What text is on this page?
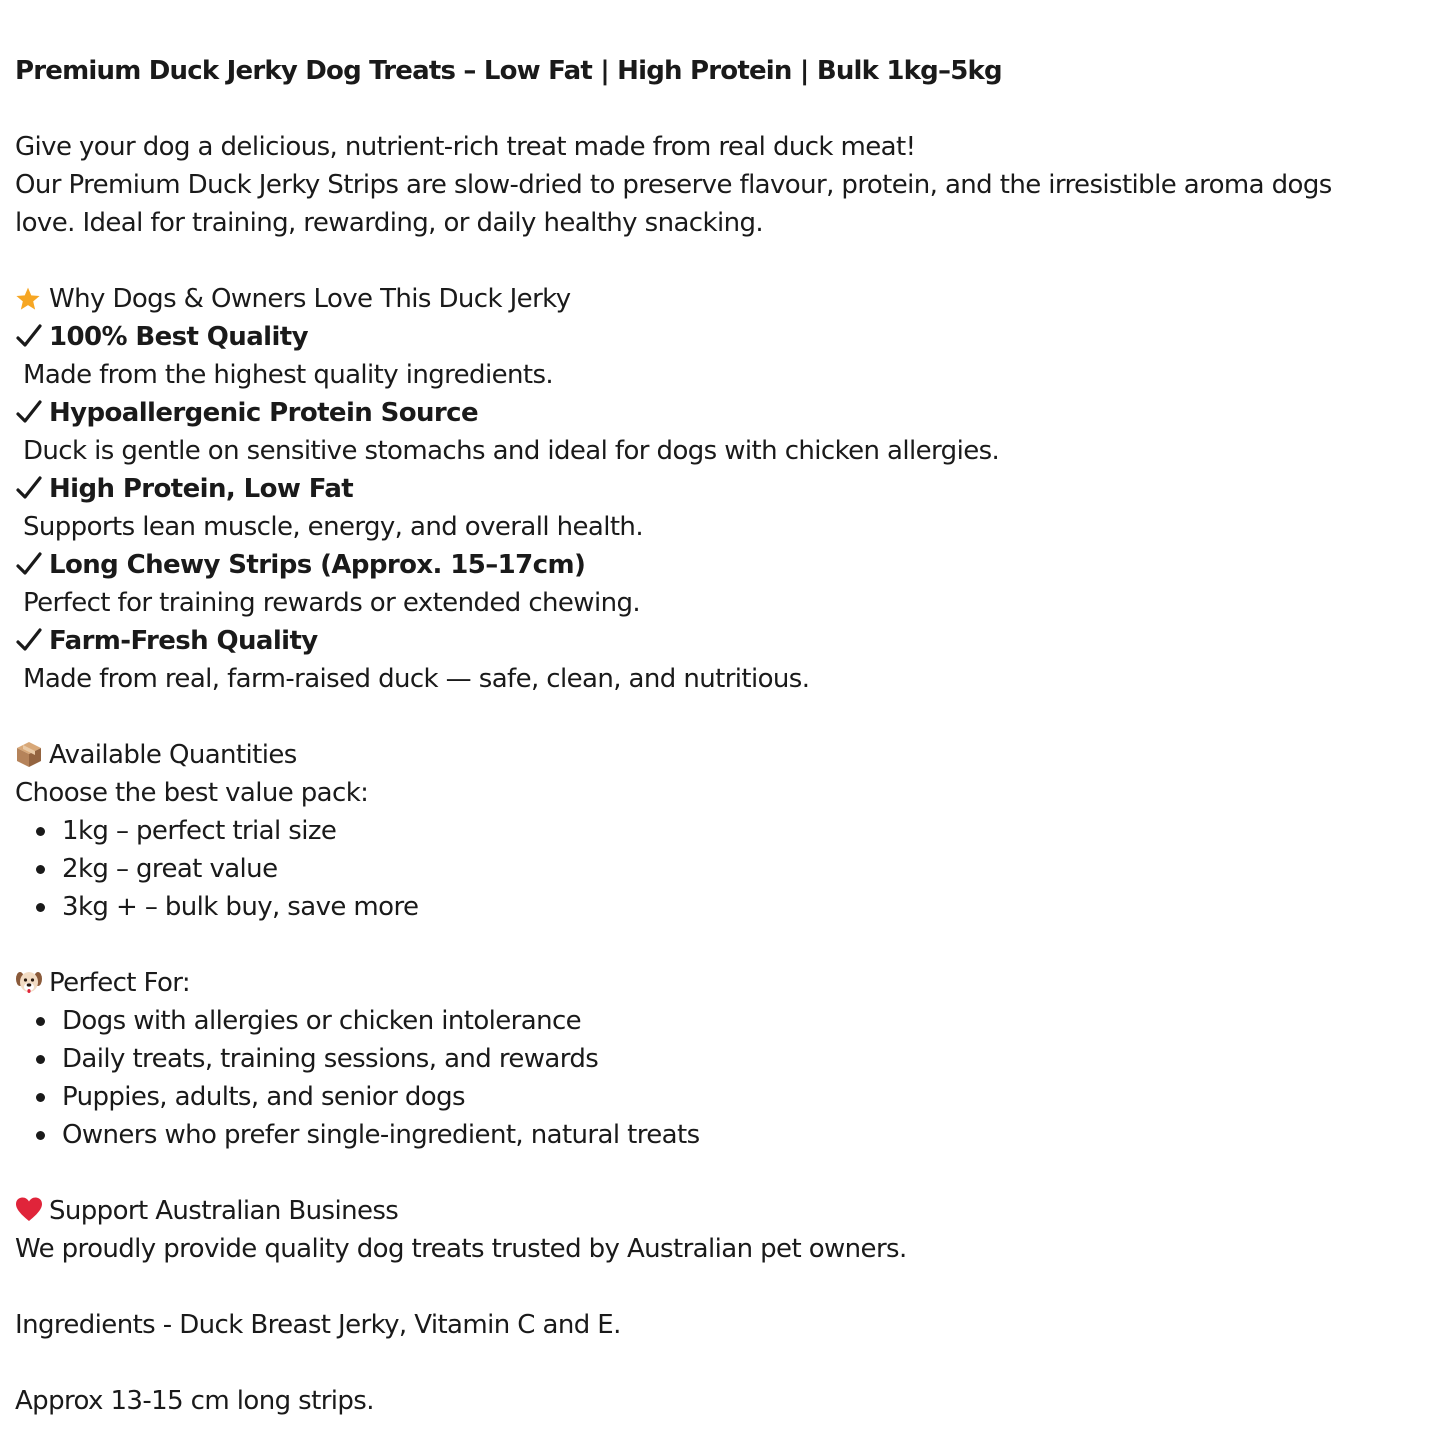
Premium Duck Jerky Dog Treats – Low Fat | High Protein | Bulk 1kg–5kg
Give your dog a delicious, nutrient-rich treat made from real duck meat!
Our Premium Duck Jerky Strips are slow-dried to preserve flavour, protein, and the irresistible aroma dogs
love. Ideal for training, rewarding, or daily healthy snacking.
Why Dogs & Owners Love This Duck Jerky
100% Best Quality
Made from the highest quality ingredients.
Hypoallergenic Protein Source
Duck is gentle on sensitive stomachs and ideal for dogs with chicken allergies.
High Protein, Low Fat
Supports lean muscle, energy, and overall health.
Long Chewy Strips (Approx. 15–17cm)
Perfect for training rewards or extended chewing.
Farm-Fresh Quality
Made from real, farm-raised duck — safe, clean, and nutritious.
Available Quantities
Choose the best value pack:
1kg – perfect trial size
2kg – great value
3kg + – bulk buy, save more
Perfect For:
Dogs with allergies or chicken intolerance
Daily treats, training sessions, and rewards
Puppies, adults, and senior dogs
Owners who prefer single-ingredient, natural treats
Support Australian Business
We proudly provide quality dog treats trusted by Australian pet owners.
Ingredients - Duck Breast Jerky, Vitamin C and E.
Approx 13-15 cm long strips.
